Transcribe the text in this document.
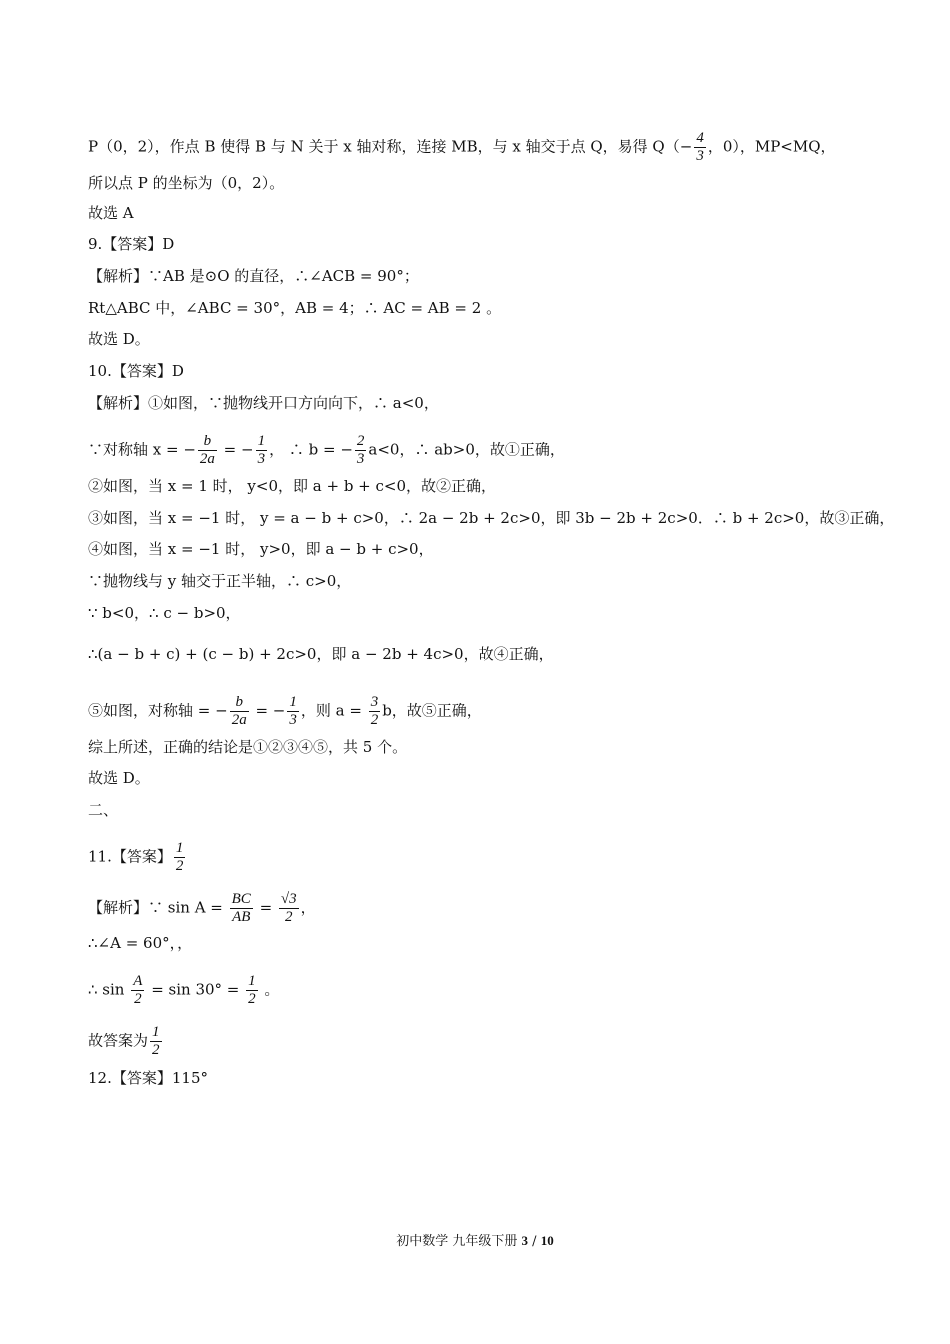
P（0，2），作点 B 使得 B 与 N 关于 x 轴对称，连接 MB，与 x 轴交于点 Q，易得 $Q(- \frac{4}{3}$ ，0），MP<MQ，
所以点 P 的坐标为（0，2）。
故选 A
9.【答案】D
【解析】∵AB 是⊙O 的直径，∴∠ACB = 90°；
Rt△ABC 中，∠ABC = 30°，AB = 4；∴ AC = AB = 2 。
故选 D。
10.【答案】D
【解析】①如图，∵抛物线开口方向向下，∴ a<0，
∵对称轴 x = − $\frac{b}{2a}$ = − $\frac{1}{3}$ ， ∴ b = − $\frac{2}{3} a<0$，∴ ab>0，故①正确，
②如图，当 x = 1 时， y<0，即 a + b + c<0，故②正确，
③如图，当 x = −1 时， y = a − b + c>0，∴ 2a − 2b + 2c>0，即 3b − 2b + 2c>0．∴ b + 2c>0，故③正确，
④如图，当 x = −1 时， y>0，即 a − b + c>0，
∵抛物线与 y 轴交于正半轴，∴ c>0，
∵ b<0，∴ c − b>0，
∴(a − b + c) + (c − b) + 2c>0，即 a − 2b + 4c>0，故④正确，
⑤如图，对称轴 = − $\frac{b}{2a}$ = − $\frac{1}{3}$ ，则 $a = \frac{3}{2}$ b，故⑤正确，
综上所述，正确的结论是①②③④⑤，共 5 个。
故选 D。
二、
11.【答案】 $\frac{1}{2}$
【解析】∵ $\sin A = \frac{BC}{AB} = \frac{√3}{2}$ ，
∴∠A = 60°，，
∴ $\sin \frac{A}{2} = \sin 30^\circ = \frac{1}{2}$ 。
故答案为 $\frac{1}{2}$
12.【答案】115°
初中数学 九年级下册 3 / 10
